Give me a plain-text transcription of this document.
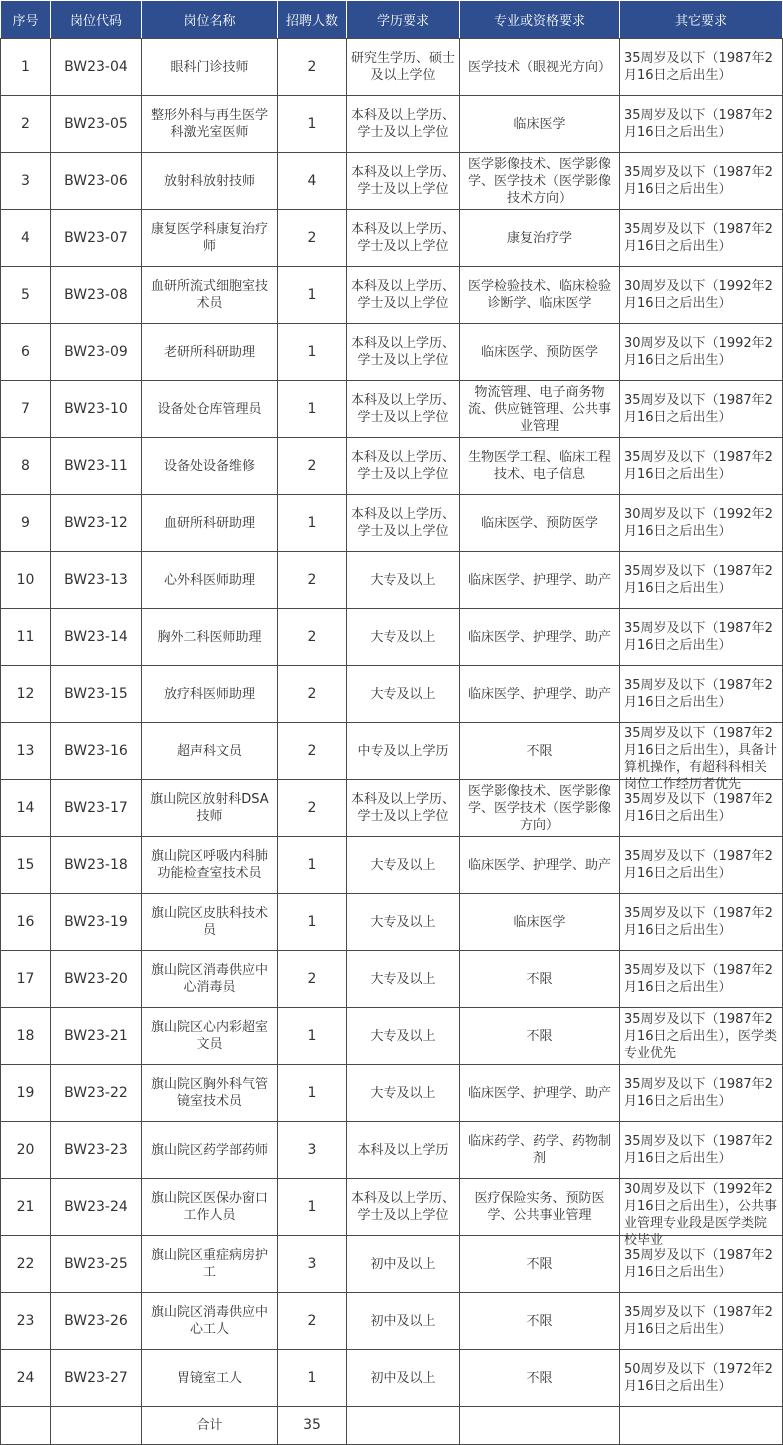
序号	岗位代码	岗位名称	招聘人数	学历要求	专业或资格要求	其它要求
1	BW23-04	眼科门诊技师	2	研究生学历、硕士及以上学位	医学技术（眼视光方向）	35周岁及以下（1987年2月16日之后出生）

2	BW23-05	整形外科与再生医学科激光室医师	1	本科及以上学历、学士及以上学位	临床医学	35周岁及以下（1987年2月16日之后出生）

3	BW23-06	放射科放射技师	4	本科及以上学历、学士及以上学位	医学影像技术、医学影像学、医学技术（医学影像技术方向）	35周岁及以下（1987年2月16日之后出生）

4	BW23-07	康复医学科康复治疗师	2	本科及以上学历、学士及以上学位	康复治疗学	35周岁及以下（1987年2月16日之后出生）

5	BW23-08	血研所流式细胞室技术员	1	本科及以上学历、学士及以上学位	医学检验技术、临床检验诊断学、临床医学	30周岁及以下（1992年2月16日之后出生）

6	BW23-09	老研所科研助理	1	本科及以上学历、学士及以上学位	临床医学、预防医学	30周岁及以下（1992年2月16日之后出生）

7	BW23-10	设备处仓库管理员	1	本科及以上学历、学士及以上学位	物流管理、电子商务物流、供应链管理、公共事业管理	35周岁及以下（1987年2月16日之后出生）

8	BW23-11	设备处设备维修	2	本科及以上学历、学士及以上学位	生物医学工程、临床工程技术、电子信息	35周岁及以下（1987年2月16日之后出生）

9	BW23-12	血研所科研助理	1	本科及以上学历、学士及以上学位	临床医学、预防医学	30周岁及以下（1992年2月16日之后出生）

10	BW23-13	心外科医师助理	2	大专及以上	临床医学、护理学、助产	35周岁及以下（1987年2月16日之后出生）

11	BW23-14	胸外二科医师助理	2	大专及以上	临床医学、护理学、助产	35周岁及以下（1987年2月16日之后出生）

12	BW23-15	放疗科医师助理	2	大专及以上	临床医学、护理学、助产	35周岁及以下（1987年2月16日之后出生）

13	BW23-16	超声科文员	2	中专及以上学历	不限	35周岁及以下（1987年2月16日之后出生），具备计算机操作，有超科科相关岗位工作经历者优先

14	BW23-17	旗山院区放射科DSA技师	2	本科及以上学历、学士及以上学位	医学影像技术、医学影像学、医学技术（医学影像方向）	35周岁及以下（1987年2月16日之后出生）

15	BW23-18	旗山院区呼吸内科肺功能检查室技术员	1	大专及以上	临床医学、护理学、助产	35周岁及以下（1987年2月16日之后出生）

16	BW23-19	旗山院区皮肤科技术员	1	大专及以上	临床医学	35周岁及以下（1987年2月16日之后出生）

17	BW23-20	旗山院区消毒供应中心消毒员	2	大专及以上	不限	35周岁及以下（1987年2月16日之后出生）

18	BW23-21	旗山院区心内彩超室文员	1	大专及以上	不限	35周岁及以下（1987年2月16日之后出生），医学类专业优先

19	BW23-22	旗山院区胸外科气管镜室技术员	1	大专及以上	临床医学、护理学、助产	35周岁及以下（1987年2月16日之后出生）

20	BW23-23	旗山院区药学部药师	3	本科及以上学历	临床药学、药学、药物制剂	35周岁及以下（1987年2月16日之后出生）

21	BW23-24	旗山院区医保办窗口工作人员	1	本科及以上学历、学士及以上学位	医疗保险实务、预防医学、公共事业管理	30周岁及以下（1992年2月16日之后出生），公共事业管理专业段是医学类院校毕业

22	BW23-25	旗山院区重症病房护工	3	初中及以上	不限	35周岁及以下（1987年2月16日之后出生）

23	BW23-26	旗山院区消毒供应中心工人	2	初中及以上	不限	35周岁及以下（1987年2月16日之后出生）

24	BW23-27	胃镜室工人	1	初中及以上	不限	50周岁及以下（1972年2月16日之后出生）

		合计	35			
